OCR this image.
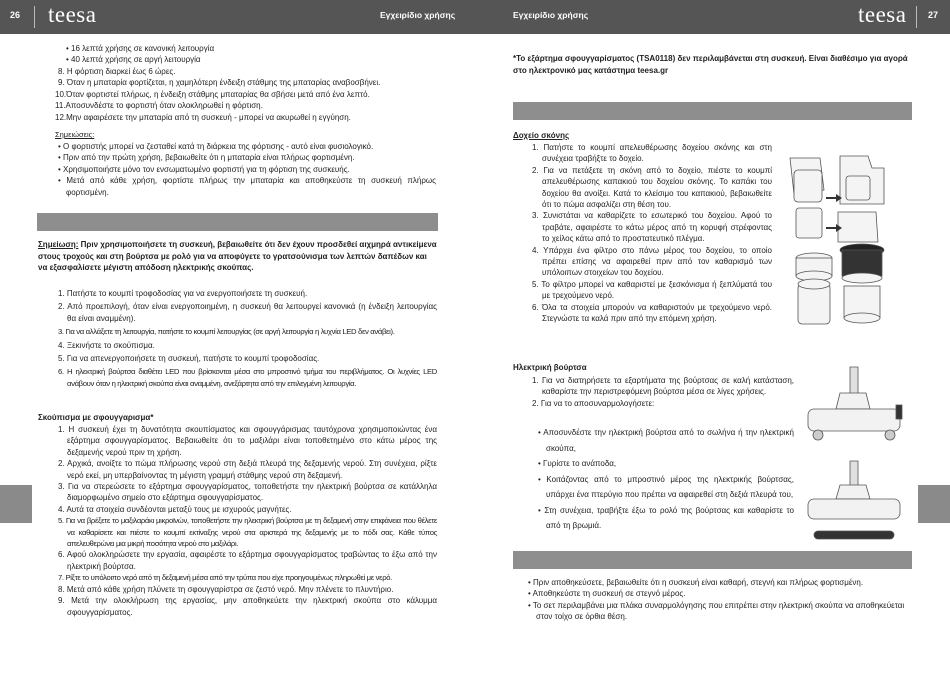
26 teesa	Εγχειρίδιο χρήσης	Εγχειρίδιο χρήσης	teesa 27
• 16 λεπτά χρήσης σε κανονική λειτουργία
• 40 λεπτά χρήσης σε αργή λειτουργία
8. Η φόρτιση διαρκεί έως 6 ώρες.
9. Όταν η μπαταρία φορτίζεται, η χαμηλότερη ένδειξη στάθμης της μπαταρίας αναβοσβήνει.
10.Όταν φορτιστεί πλήρως, η ένδειξη στάθμης μπαταρίας θα σβήσει μετά από ένα λεπτό.
11.Αποσυνδέστε το φορτιστή όταν ολοκληρωθεί η φόρτιση.
12.Μην αφαιρέσετε την μπαταρία από τη συσκευή - μπορεί να ακυρωθεί η εγγύηση.
Σημειώσεις:
• Ο φορτιστής μπορεί να ζεσταθεί κατά τη διάρκεια της φόρτισης - αυτό είναι φυσιολογικό.
• Πριν από την πρώτη χρήση, βεβαιωθείτε ότι η μπαταρία είναι πλήρως φορτισμένη.
• Χρησιμοποιήστε μόνο τον ενσωματωμένο φορτιστή για τη φόρτιση της συσκευής.
• Μετά από κάθε χρήση, φορτίστε πλήρως την μπαταρία και αποθηκεύστε τη συσκευή πλήρως φορτισμένη.
Σημείωση: Πριν χρησιμοποιήσετε τη συσκευή, βεβαιωθείτε ότι δεν έχουν προσδεθεί αιχμηρά αντικείμενα στους τροχούς και στη βούρτσα με ρολό για να αποφύγετε το γρατσούνισμα των λεπτών δαπέδων και να εξασφαλίσετε μέγιστη απόδοση ηλεκτρικής σκούπας.
1. Πατήστε το κουμπί τροφοδοσίας για να ενεργοποιήσετε τη συσκευή.
2. Από προεπιλογή, όταν είναι ενεργοποιημένη, η συσκευή θα λειτουργεί κανονικά (η ένδειξη λειτουργίας θα είναι αναμμένη).
3. Για να αλλάξετε τη λειτουργία, πατήστε το κουμπί λειτουργίας (σε αργή λειτουργία η λυχνία LED δεν ανάβει).
4. Ξεκινήστε το σκούπισμα.
5. Για να απενεργοποιήσετε τη συσκευή, πατήστε το κουμπί τροφοδοσίας.
6. Η ηλεκτρική βούρτσα διαθέτει LED που βρίσκονται μέσα στο μπροστινό τμήμα του περιβλήματος. Οι λυχνίες LED ανάβουν όταν η ηλεκτρική σκούπα είναι αναμμένη, ανεξάρτητα από την επιλεγμένη λειτουργία.
Σκούπισμα με σφουγγαρισμα*
1. Η συσκευή έχει τη δυνατότητα σκουπίσματος και σφουγγάρισμας ταυτόχρονα χρησιμοποιώντας ένα εξάρτημα σφουγγαρίσματος. Βεβαιωθείτε ότι το μαξιλάρι είναι τοποθετημένο στο κάτω μέρος της δεξαμενής νερού πριν τη χρήση.
2. Αρχικά, ανοίξτε το πώμα πλήρωσης νερού στη δεξιά πλευρά της δεξαμενής νερού. Στη συνέχεια, ρίξτε νερό εκεί, μη υπερβαίνοντας τη μέγιστη γραμμή στάθμης νερού στη δεξαμενή.
3. Για να στερεώσετε το εξάρτημα σφουγγαρίσματος, τοποθετήστε την ηλεκτρική βούρτσα σε κατάλληλα διαμορφωμένο σημείο στο εξάρτημα σφουγγαρίσματος.
4. Αυτά τα στοιχεία συνδέονται μεταξύ τους με ισχυρούς μαγνήτες.
5. Για να βρέξετε το μαξιλαράκι μικροϊνών, τοποθετήστε την ηλεκτρική βούρτσα με τη δεξαμενή στην επιφάνεια που θέλετε να καθαρίσετε και πιέστε το κουμπί εκτίναξης νερού στα αριστερά της δεξαμενής με το πόδι σας. Κάθε τύπος απελευθερώνει μια μικρή ποσότητα νερού στο μαξιλάρι.
6. Αφού ολοκληρώσετε την εργασία, αφαιρέστε το εξάρτημα σφουγγαρίσματος τραβώντας το έξω από την ηλεκτρική βούρτσα.
7. Ρίξτε το υπόλοιπο νερό από τη δεξαμενή μέσα από την τρύπα που είχε προηγουμένως πληρωθεί με νερό.
8. Μετά από κάθε χρήση πλύνετε τη σφουγγαρίστρα σε ζεστό νερό. Μην πλένετε το πλυντήριο.
9. Μετά την ολοκλήρωση της εργασίας, μην αποθηκεύετε την ηλεκτρική σκούπα στο κάλυμμα σφουγγαρίσματος.
*Το εξάρτημα σφουγγαρίσματος (TSA0118) δεν περιλαμβάνεται στη συσκευή. Είναι διαθέσιμο για αγορά στο ηλεκτρονικό μας κατάστημα teesa.gr
Δοχείο σκόνης
1. Πατήστε το κουμπί απελευθέρωσης δοχείου σκόνης και στη συνέχεια τραβήξτε το δοχείο.
2. Για να πετάξετε τη σκόνη από το δοχείο, πιέστε το κουμπί απελευθέρωσης καπακιού του δοχείου σκόνης. Το καπάκι του δοχείου θα ανοίξει. Κατά το κλείσιμο του καπακιού, βεβαιωθείτε ότι το πώμα ασφαλίζει στη θέση του.
3. Συνιστάται να καθαρίζετε το εσωτερικό του δοχείου. Αφού το τραβάτε, αφαιρέστε το κάτω μέρος από τη κορυφή στρέφοντας το χείλος κάτω από το προστατευτικό πλέγμα.
4. Υπάρχει ένα φίλτρο στο πάνω μέρος του δοχείου, το οποίο πρέπει επίσης να αφαιρεθεί πριν από τον καθαρισμό των υπόλοιπων στοιχείων του δοχείου.
5. Το φίλτρο μπορεί να καθαριστεί με ξεσκόνισμα ή ξεπλύματά του με τρεχούμενο νερό.
6. Όλα τα στοιχεία μπορούν να καθαριστούν με τρεχούμενο νερό. Στεγνώστε τα καλά πριν από την επόμενη χρήση.
Ηλεκτρική βούρτσα
1. Για να διατηρήσετε τα εξαρτήματα της βούρτσας σε καλή κατάσταση, καθαρίστε την περιστρεφόμενη βούρτσα μέσα σε λίγες χρήσεις.
2. Για να το αποσυναρμολογήσετε:
• Αποσυνδέστε την ηλεκτρική βούρτσα από το σωλήνα ή την ηλεκτρική σκούπα,
• Γυρίστε το ανάποδα,
• Κοιτάζοντας από το μπροστινό μέρος της ηλεκτρικής βούρτσας, υπάρχει ένα πτερύγιο που πρέπει να αφαιρεθεί στη δεξιά πλευρά του,
• Στη συνέχεια, τραβήξτε έξω το ρολό της βούρτσας και καθαρίστε το από τη βρωμιά.
• Πριν αποθηκεύσετε, βεβαιωθείτε ότι η συσκευή είναι καθαρή, στεγνή και πλήρως φορτισμένη.
• Αποθηκεύστε τη συσκευή σε στεγνό μέρος.
• Το σετ περιλαμβάνει μια πλάκα συναρμολόγησης που επιτρέπει στην ηλεκτρική σκούπα να αποθηκεύεται στον τοίχο σε όρθια θέση.
